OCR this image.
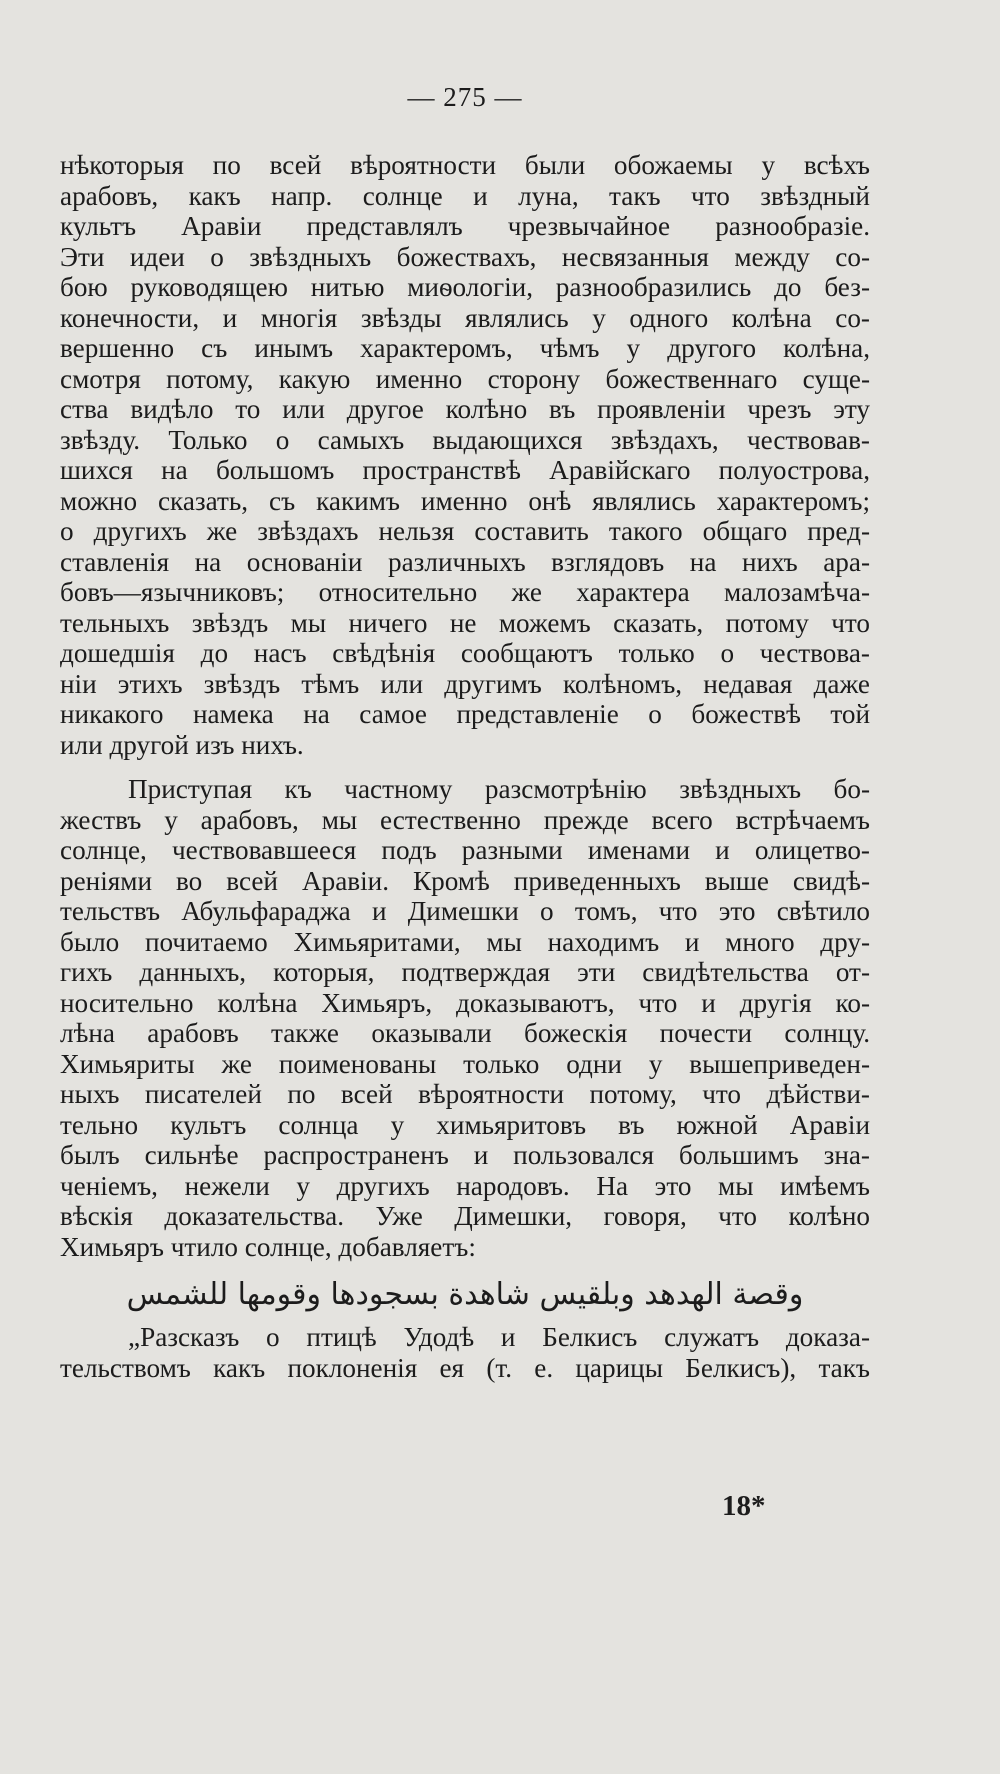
— 275 —
нѣкоторыя по всей вѣроятности были обожаемы у всѣхъ
арабовъ, какъ напр. солнце и луна, такъ что звѣздный
культъ Аравіи представлялъ чрезвычайное разнообразіе.
Эти идеи о звѣздныхъ божествахъ, несвязанныя между со-
бою руководящею нитью миѳологіи, разнообразились до без-
конечности, и многія звѣзды являлись у одного колѣна со-
вершенно съ инымъ характеромъ, чѣмъ у другого колѣна,
смотря потому, какую именно сторону божественнаго суще-
ства видѣло то или другое колѣно въ проявленіи чрезъ эту
звѣзду. Только о самыхъ выдающихся звѣздахъ, чествовав-
шихся на большомъ пространствѣ Аравійскаго полуострова,
можно сказать, съ какимъ именно онѣ являлись характеромъ;
о другихъ же звѣздахъ нельзя составить такого общаго пред-
ставленія на основаніи различныхъ взглядовъ на нихъ ара-
бовъ—язычниковъ; относительно же характера малозамѣча-
тельныхъ звѣздъ мы ничего не можемъ сказать, потому что
дошедшія до насъ свѣдѣнія сообщаютъ только о чествова-
ніи этихъ звѣздъ тѣмъ или другимъ колѣномъ, недавая даже
никакого намека на самое представленіе о божествѣ той
или другой изъ нихъ.
Приступая къ частному разсмотрѣнію звѣздныхъ бо-
жествъ у арабовъ, мы естественно прежде всего встрѣчаемъ
солнце, чествовавшееся подъ разными именами и олицетво-
реніями во всей Аравіи. Кромѣ приведенныхъ выше свидѣ-
тельствъ Абульфараджа и Димешки о томъ, что это свѣтило
было почитаемо Химьяритами, мы находимъ и много дру-
гихъ данныхъ, которыя, подтверждая эти свидѣтельства от-
носительно колѣна Химьяръ, доказываютъ, что и другія ко-
лѣна арабовъ также оказывали божескія почести солнцу.
Химьяриты же поименованы только одни у вышеприведен-
ныхъ писателей по всей вѣроятности потому, что дѣйстви-
тельно культъ солнца у химьяритовъ въ южной Аравіи
былъ сильнѣе распространенъ и пользовался большимъ зна-
ченіемъ, нежели у другихъ народовъ. На это мы имѣемъ
вѣскія доказательства. Уже Димешки, говоря, что колѣно
Химьяръ чтило солнце, добавляетъ:
وقصة الهدهد وبلقيس شاهدة بسجودها وقومها للشمس
„Разсказъ о птицѣ Удодѣ и Белкисъ служатъ доказа-
тельствомъ какъ поклоненія ея (т. е. царицы Белкисъ), такъ
18*
